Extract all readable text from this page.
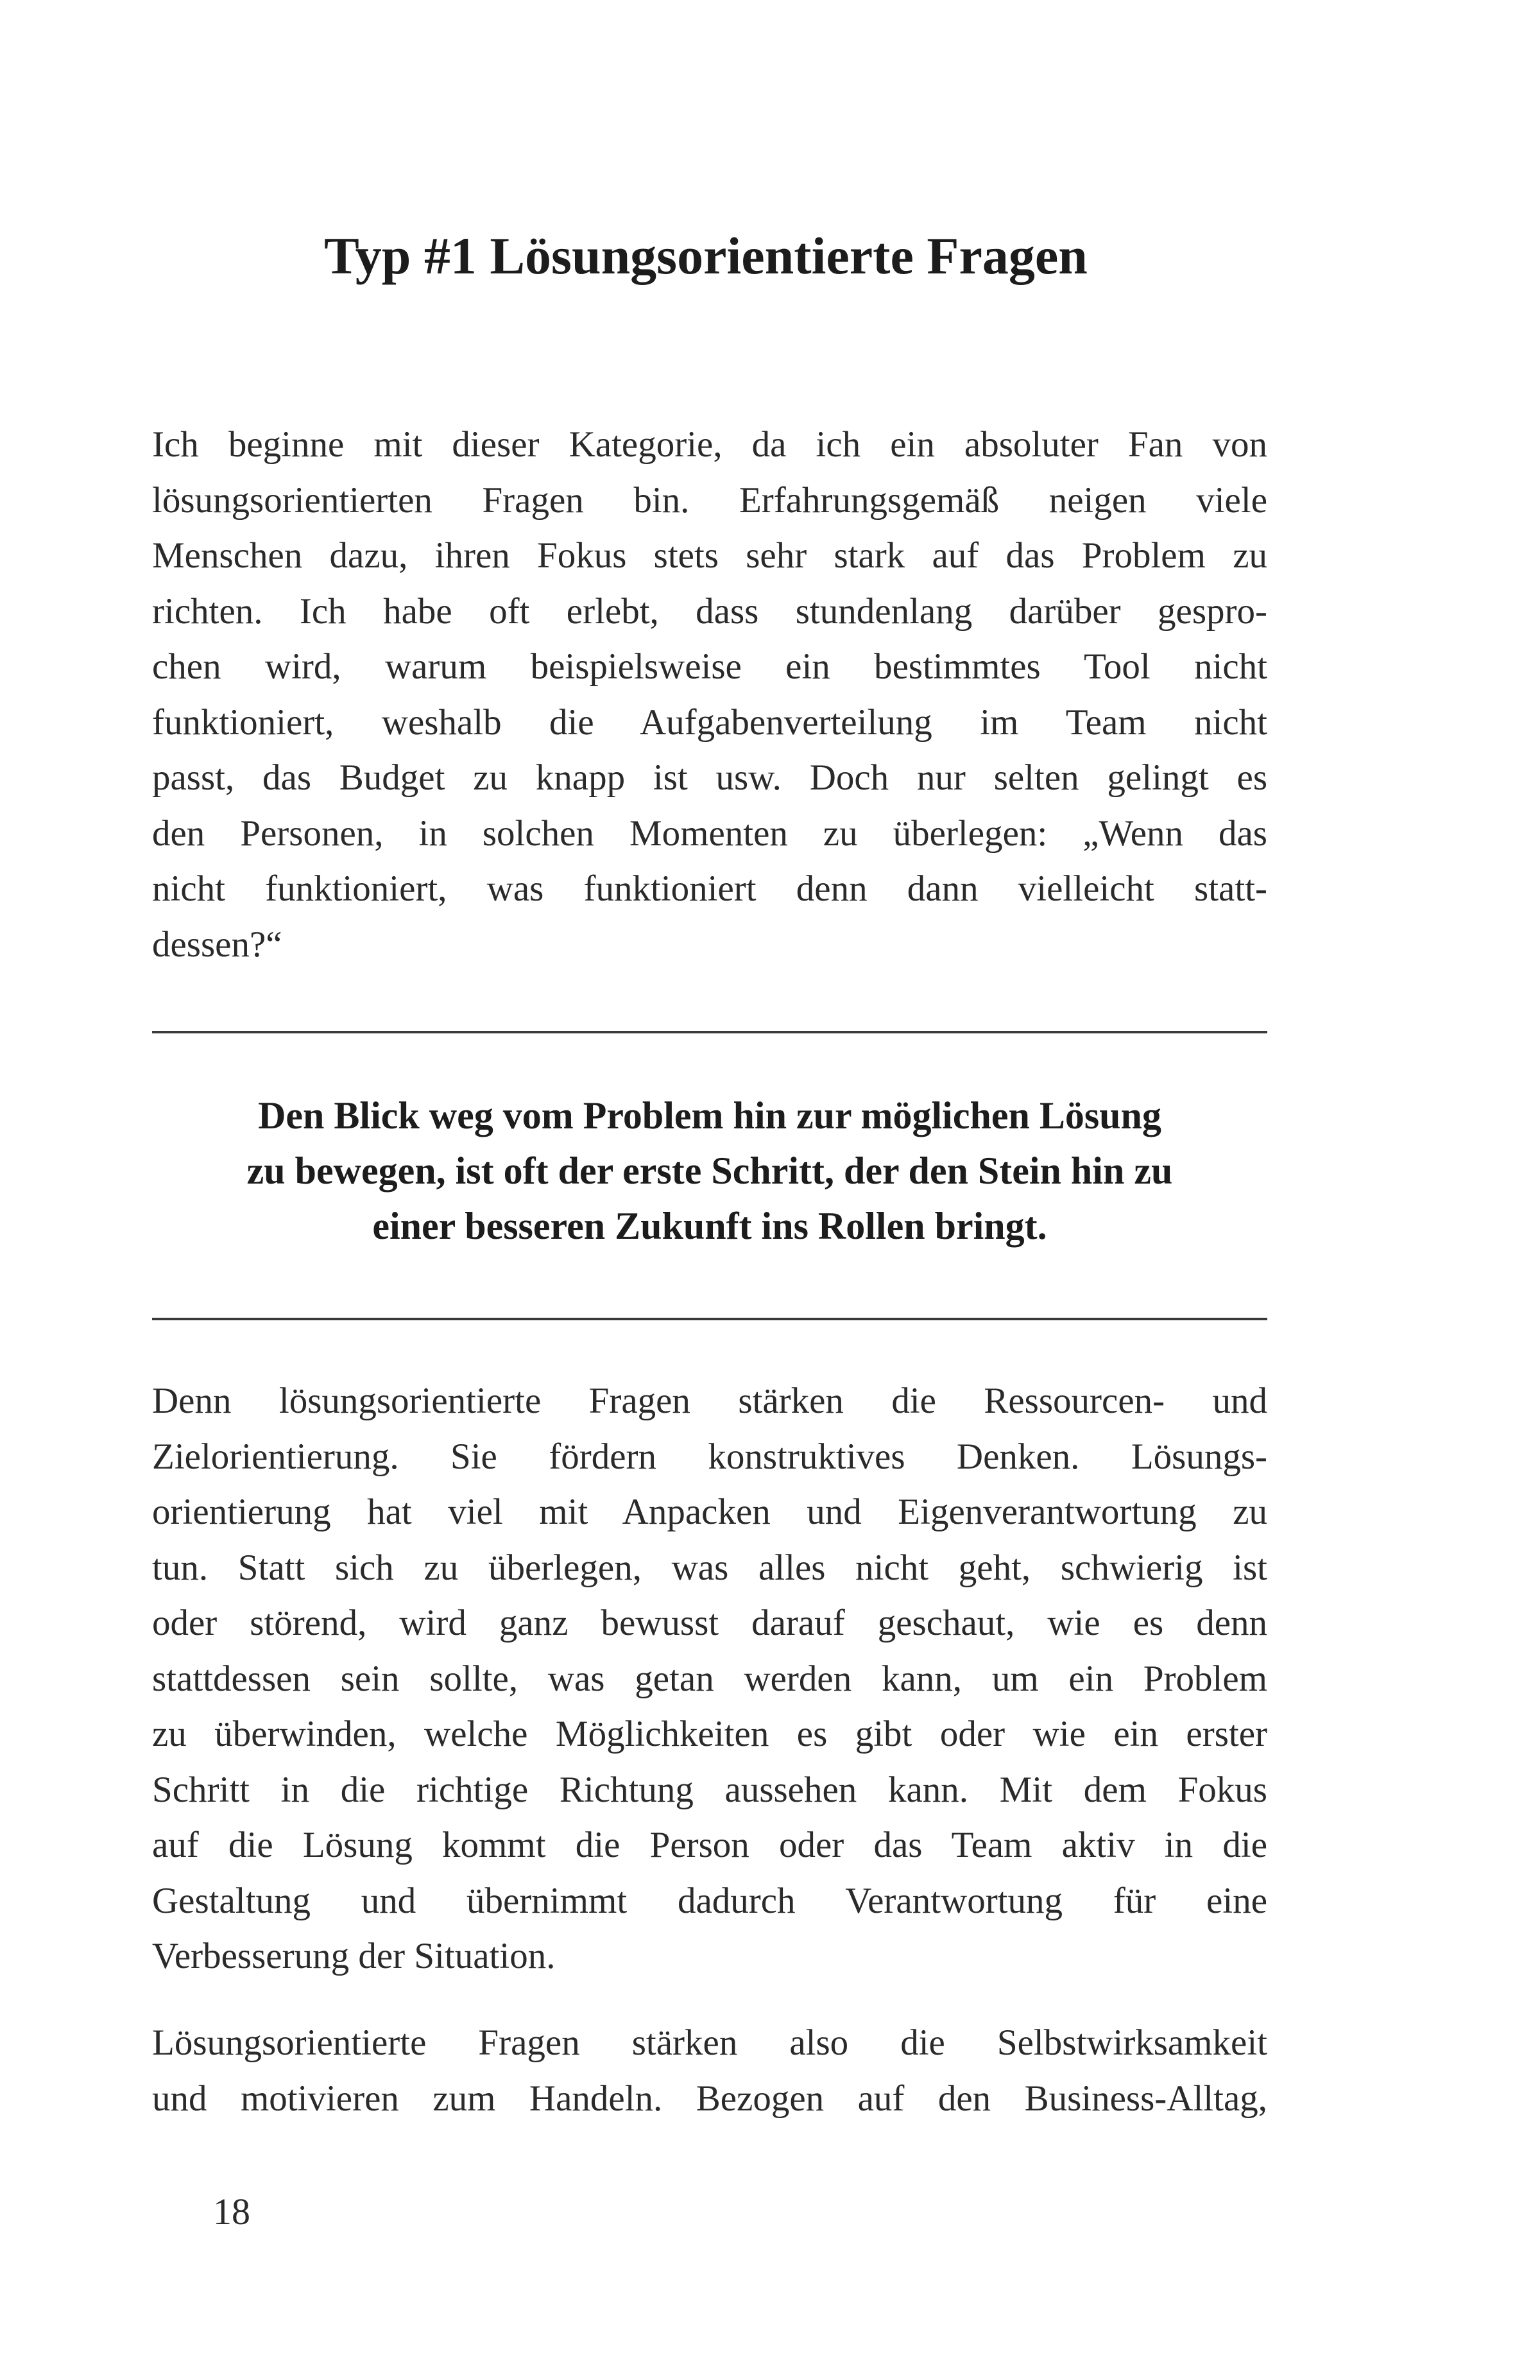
Typ #1 Lösungsorientierte Fragen
Ich beginne mit dieser Kategorie, da ich ein absoluter Fan von
lösungsorientierten Fragen bin. Erfahrungsgemäß neigen viele
Menschen dazu, ihren Fokus stets sehr stark auf das Problem zu
richten. Ich habe oft erlebt, dass stundenlang darüber gespro-
chen wird, warum beispielsweise ein bestimmtes Tool nicht
funktioniert, weshalb die Aufgabenverteilung im Team nicht
passt, das Budget zu knapp ist usw. Doch nur selten gelingt es
den Personen, in solchen Momenten zu überlegen: „Wenn das
nicht funktioniert, was funktioniert denn dann vielleicht statt-
dessen?“
Den Blick weg vom Problem hin zur möglichen Lösung
zu bewegen, ist oft der erste Schritt, der den Stein hin zu
einer besseren Zukunft ins Rollen bringt.
Denn lösungsorientierte Fragen stärken die Ressourcen- und
Zielorientierung. Sie fördern konstruktives Denken. Lösungs-
orientierung hat viel mit Anpacken und Eigenverantwortung zu
tun. Statt sich zu überlegen, was alles nicht geht, schwierig ist
oder störend, wird ganz bewusst darauf geschaut, wie es denn
stattdessen sein sollte, was getan werden kann, um ein Problem
zu überwinden, welche Möglichkeiten es gibt oder wie ein erster
Schritt in die richtige Richtung aussehen kann. Mit dem Fokus
auf die Lösung kommt die Person oder das Team aktiv in die
Gestaltung und übernimmt dadurch Verantwortung für eine
Verbesserung der Situation.
Lösungsorientierte Fragen stärken also die Selbstwirksamkeit
und motivieren zum Handeln. Bezogen auf den Business-Alltag,
18
